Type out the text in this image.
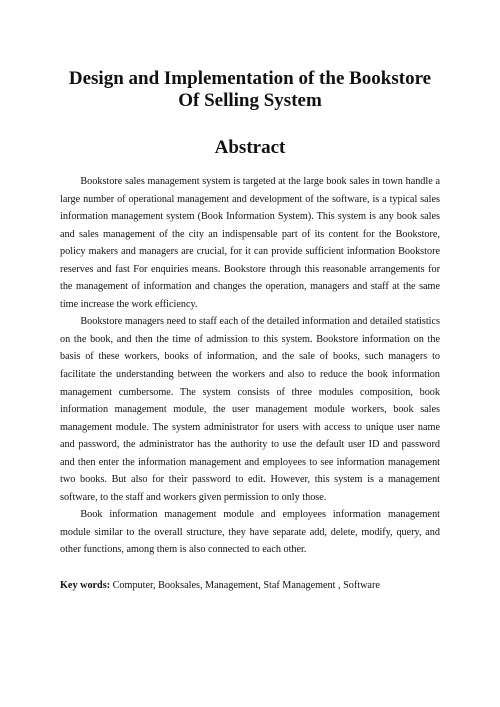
Design and Implementation of the Bookstore
Of Selling System
Abstract

Bookstore sales management system is targeted at the large book sales in town handle a large number of operational management and development of the software, is a typical sales information management system (Book Information System). This system is any book sales and sales management of the city an indispensable part of its content for the Bookstore, policy makers and managers are crucial, for it can provide sufficient information Bookstore reserves and fast For enquiries means. Bookstore through this reasonable arrangements for the management of information and changes the operation, managers and staff at the same time increase the work efficiency.

Bookstore managers need to staff each of the detailed information and detailed statistics on the book, and then the time of admission to this system. Bookstore information on the basis of these workers, books of information, and the sale of books, such managers to facilitate the understanding between the workers and also to reduce the book information management cumbersome. The system consists of three modules composition, book information management module, the user management module workers, book sales management module. The system administrator for users with access to unique user name and password, the administrator has the authority to use the default user ID and password and then enter the information management and employees to see information management two books. But also for their password to edit. However, this system is a management software, to the staff and workers given permission to only those.

Book information management module and employees information management module similar to the overall structure, they have separate add, delete, modify, query, and other functions, among them is also connected to each other.

Key words: Computer, Booksales, Management, Staf Management , Software
